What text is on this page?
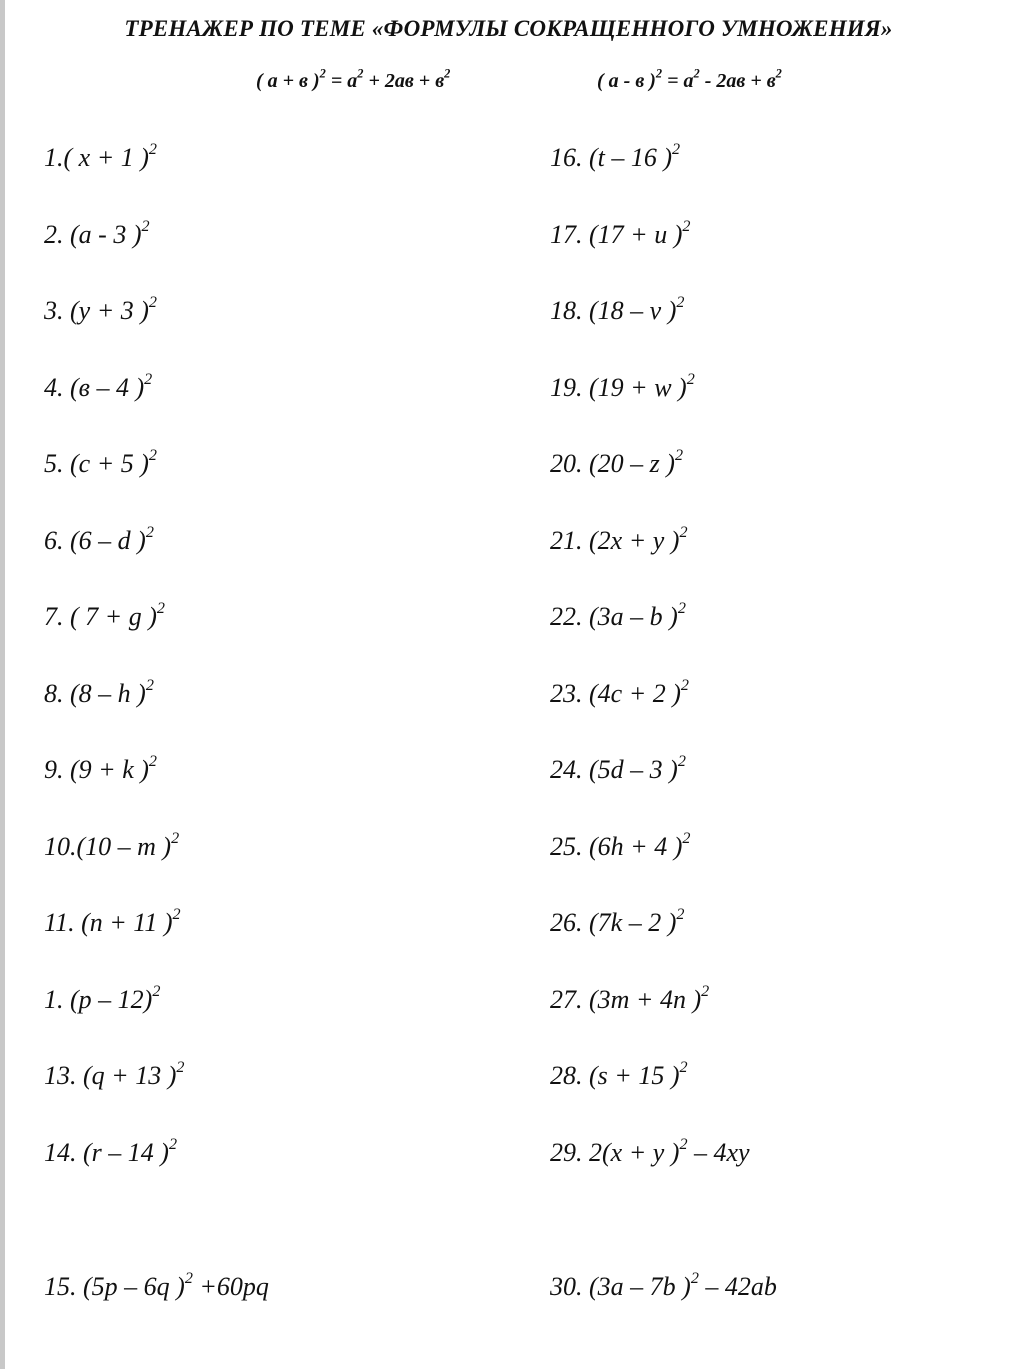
ТРЕНАЖЕР ПО ТЕМЕ «ФОРМУЛЫ СОКРАЩЕННОГО УМНОЖЕНИЯ»
( а + в )$^2 = а^2 + 2ав + в^2$	( а - в )$^2 = а^2 - 2ав + в^2$
1.( x + 1 )$^2$
2. (a - 3 )$^2$
3. (y + 3 )$^2$
4. (в – 4 )$^2$
5. (c + 5 )$^2$
6. (6 – d )$^2$
7. ( 7 + g )$^2$
8. (8 – h )$^2$
9. (9 + k )$^2$
10.(10 – m )$^2$
11. (n + 11 )$^2$
1. (p – 12)$^2$
13. (q + 13 )$^2$
14. (r – 14 )$^2$
15. (5p – 6q )$^2$ +60pq
16. (t – 16 )$^2$
17. (17 + u )$^2$
18. (18 – v )$^2$
19. (19 + w )$^2$
20. (20 – z )$^2$
21. (2x + y )$^2$
22. (3a – b )$^2$
23. (4c + 2 )$^2$
24. (5d – 3 )$^2$
25. (6h + 4 )$^2$
26. (7k – 2 )$^2$
27. (3m + 4n )$^2$
28. (s + 15 )$^2$
29. 2(x + y )$^2$ – 4xy
30. (3a – 7b )$^2$ – 42ab
